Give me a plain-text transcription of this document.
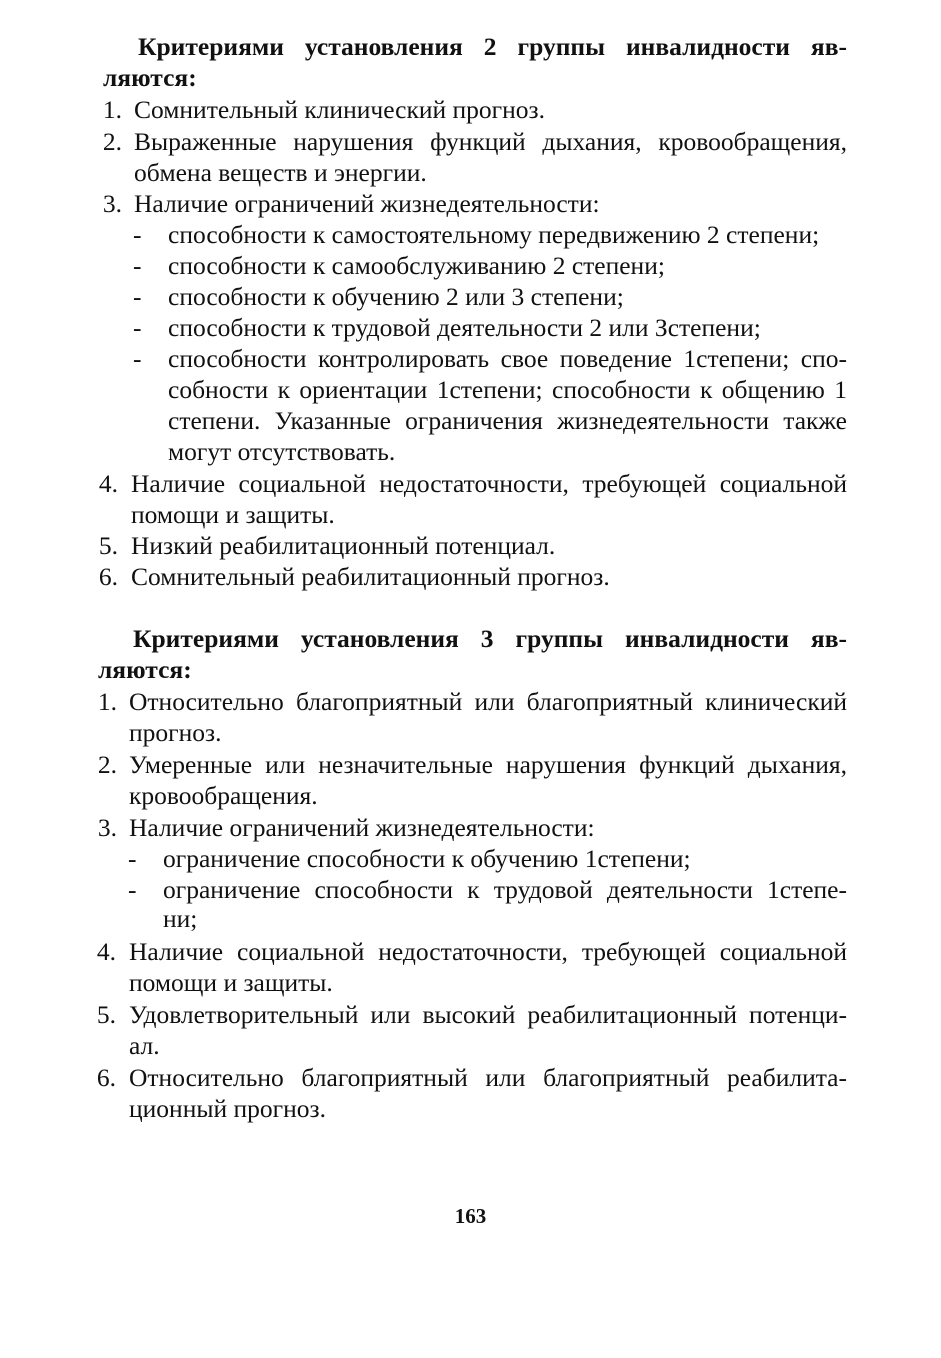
Критериями установления 2 группы инвалидности яв-
ляются:
1. Сомнительный клинический прогноз.
2. Выраженные нарушения функций дыхания, кровообращения,
обмена веществ и энергии.
3. Наличие ограничений жизнедеятельности:
- способности к самостоятельному передвижению 2 степени;
- способности к самообслуживанию 2 степени;
- способности к обучению 2 или 3 степени;
- способности к трудовой деятельности 2 или Зстепени;
- способности контролировать свое поведение 1степени; спо-
собности к ориентации 1степени; способности к общению 1
степени. Указанные ограничения жизнедеятельности также
могут отсутствовать.
4. Наличие социальной недостаточности, требующей социальной
помощи и защиты.
5. Низкий реабилитационный потенциал.
6. Сомнительный реабилитационный прогноз.
Критериями установления 3 группы инвалидности яв-
ляются:
1. Относительно благоприятный или благоприятный клинический
прогноз.
2. Умеренные или незначительные нарушения функций дыхания,
кровообращения.
3. Наличие ограничений жизнедеятельности:
- ограничение способности к обучению 1степени;
- ограничение способности к трудовой деятельности 1степе-
ни;
4. Наличие социальной недостаточности, требующей социальной
помощи и защиты.
5. Удовлетворительный или высокий реабилитационный потенци-
ал.
6. Относительно благоприятный или благоприятный реабилита-
ционный прогноз.
163
